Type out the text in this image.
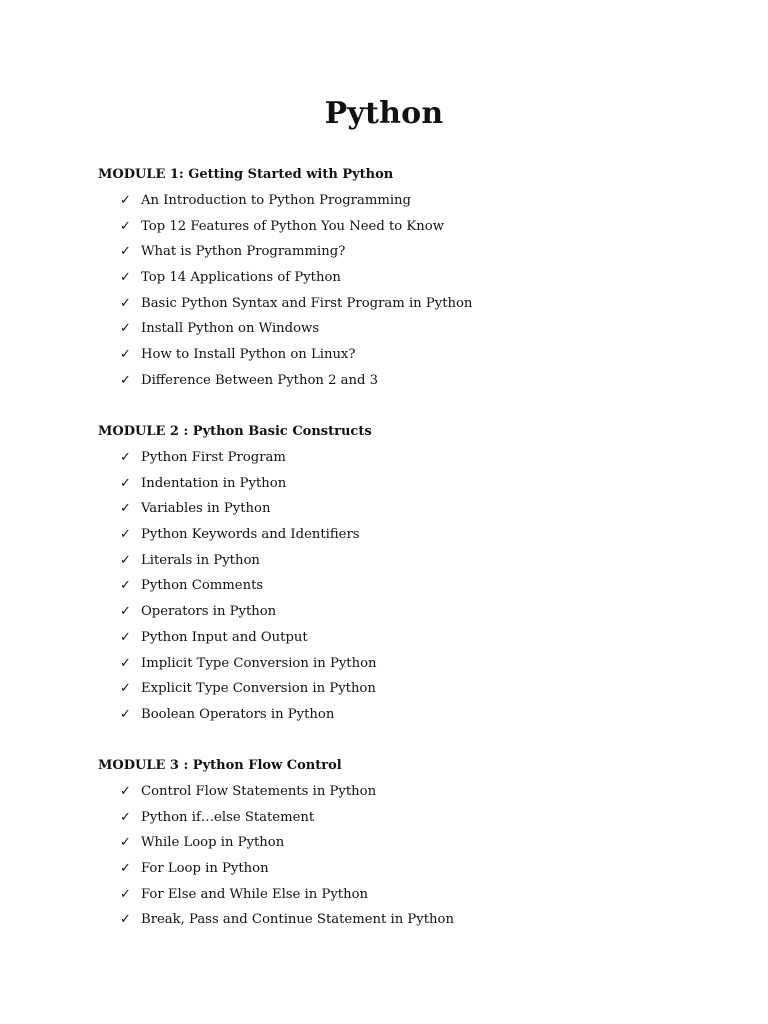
Python
MODULE 1: Getting Started with Python
✓ An Introduction to Python Programming
✓ Top 12 Features of Python You Need to Know
✓ What is Python Programming?
✓ Top 14 Applications of Python
✓ Basic Python Syntax and First Program in Python
✓ Install Python on Windows
✓ How to Install Python on Linux?
✓ Difference Between Python 2 and 3
MODULE 2 : Python Basic Constructs
✓ Python First Program
✓ Indentation in Python
✓ Variables in Python
✓ Python Keywords and Identifiers
✓ Literals in Python
✓ Python Comments
✓ Operators in Python
✓ Python Input and Output
✓ Implicit Type Conversion in Python
✓ Explicit Type Conversion in Python
✓ Boolean Operators in Python
MODULE 3 : Python Flow Control
✓ Control Flow Statements in Python
✓ Python if…else Statement
✓ While Loop in Python
✓ For Loop in Python
✓ For Else and While Else in Python
✓ Break, Pass and Continue Statement in Python
